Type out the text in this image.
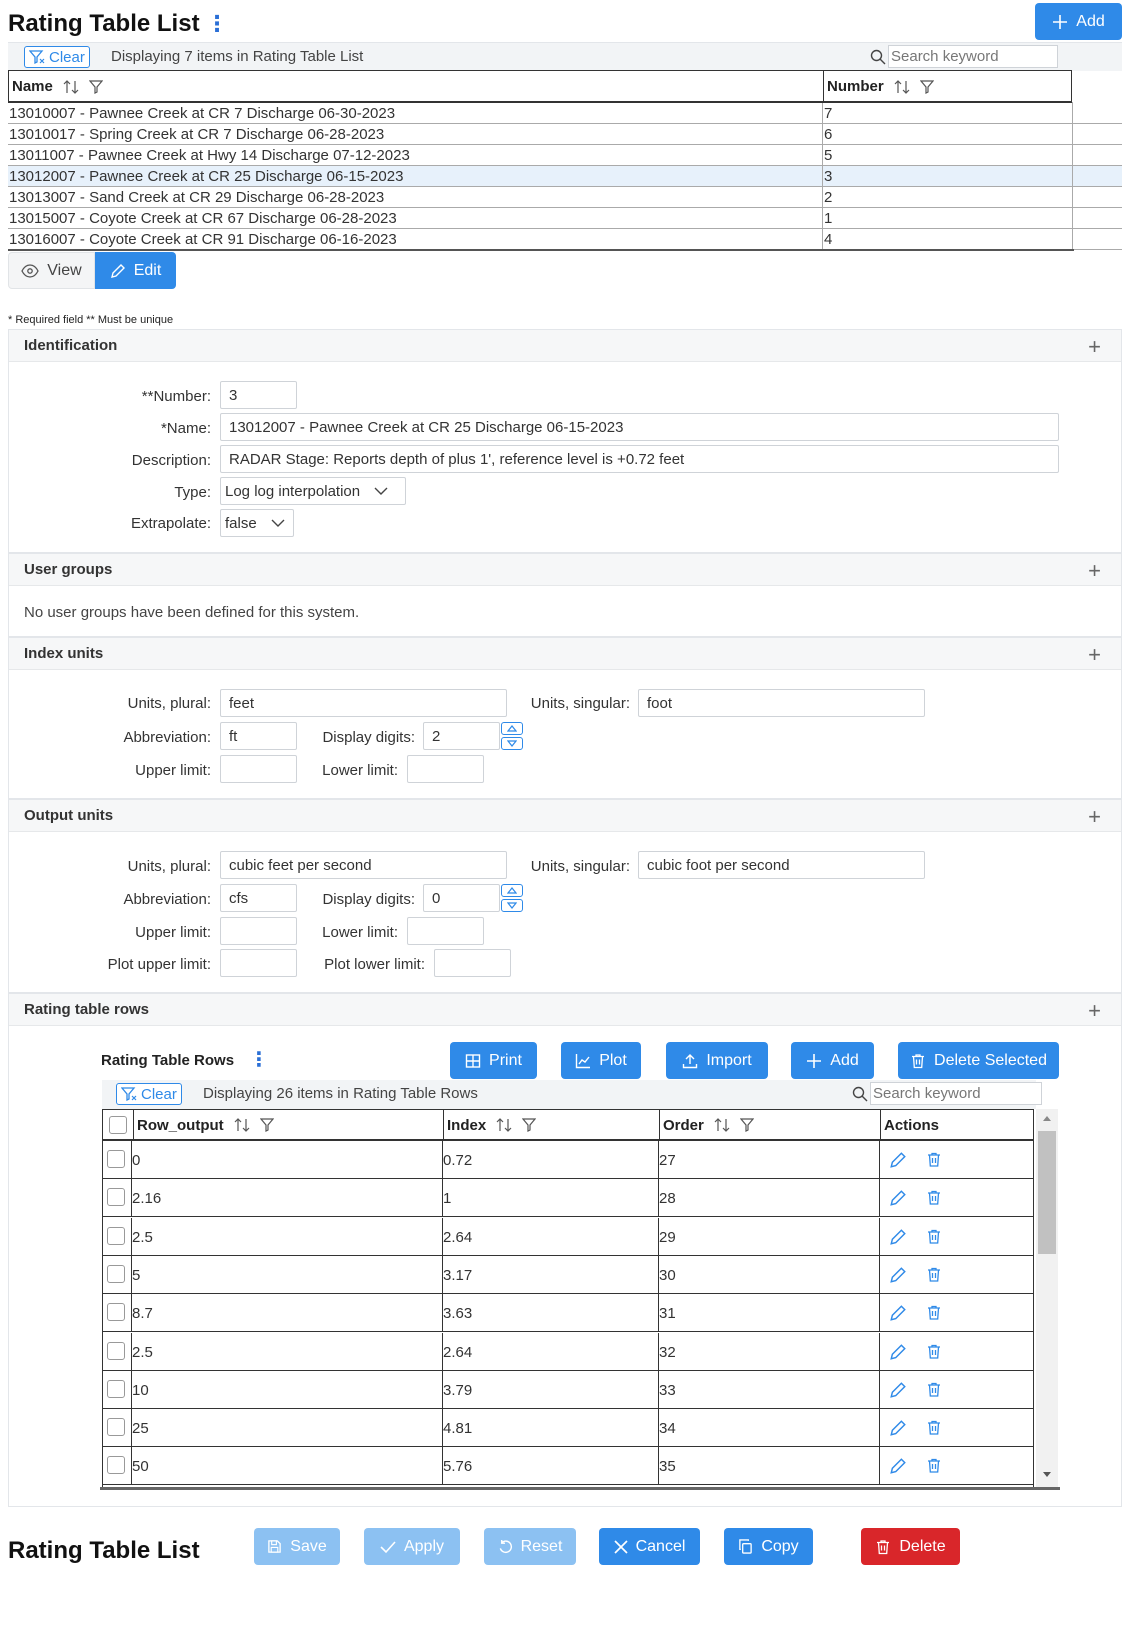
Rating Table List ⋮	Add
Clear Displaying 7 items in Rating Table List	Search keyword
Name	Number
13010007 - Pawnee Creek at CR 7 Discharge 06-30-2023	7
13010017 - Spring Creek at CR 7 Discharge 06-28-2023	6
13011007 - Pawnee Creek at Hwy 14 Discharge 07-12-2023	5
13012007 - Pawnee Creek at CR 25 Discharge 06-15-2023	3
13013007 - Sand Creek at CR 29 Discharge 06-28-2023	2
13015007 - Coyote Creek at CR 67 Discharge 06-28-2023	1
13016007 - Coyote Creek at CR 91 Discharge 06-16-2023	4
View	Edit
* Required field ** Must be unique
Identification	+
**Number:	3
*Name:	13012007 - Pawnee Creek at CR 25 Discharge 06-15-2023
Description:	RADAR Stage: Reports depth of plus 1', reference level is +0.72 feet
Type: Log log interpolation
Extrapolate: false
User groups	+
No user groups have been defined for this system.
Index units	+
Units, plural:	feet	Units, singular:	foot
Abbreviation:	ft	Display digits:	2
Upper limit:	Lower limit:
Output units	+
Units, plural:	cubic feet per second	Units, singular:	cubic foot per second
Abbreviation:	cfs	Display digits:	0
Upper limit:	Lower limit:
Plot upper limit:	Plot lower limit:
Rating table rows	+
Rating Table Rows ⋮	Print	Plot	Import	Add	Delete Selected
Clear Displaying 26 items in Rating Table Rows	Search keyword
Row_output	Index	Order	Actions
0	0.72	27
2.16	1	28
2.5	2.64	29
5	3.17	30
8.7	3.63	31
2.5	2.64	32
10	3.79	33
25	4.81	34
50	5.76	35
Rating Table List	Save	Apply	Reset	Cancel	Copy	Delete
